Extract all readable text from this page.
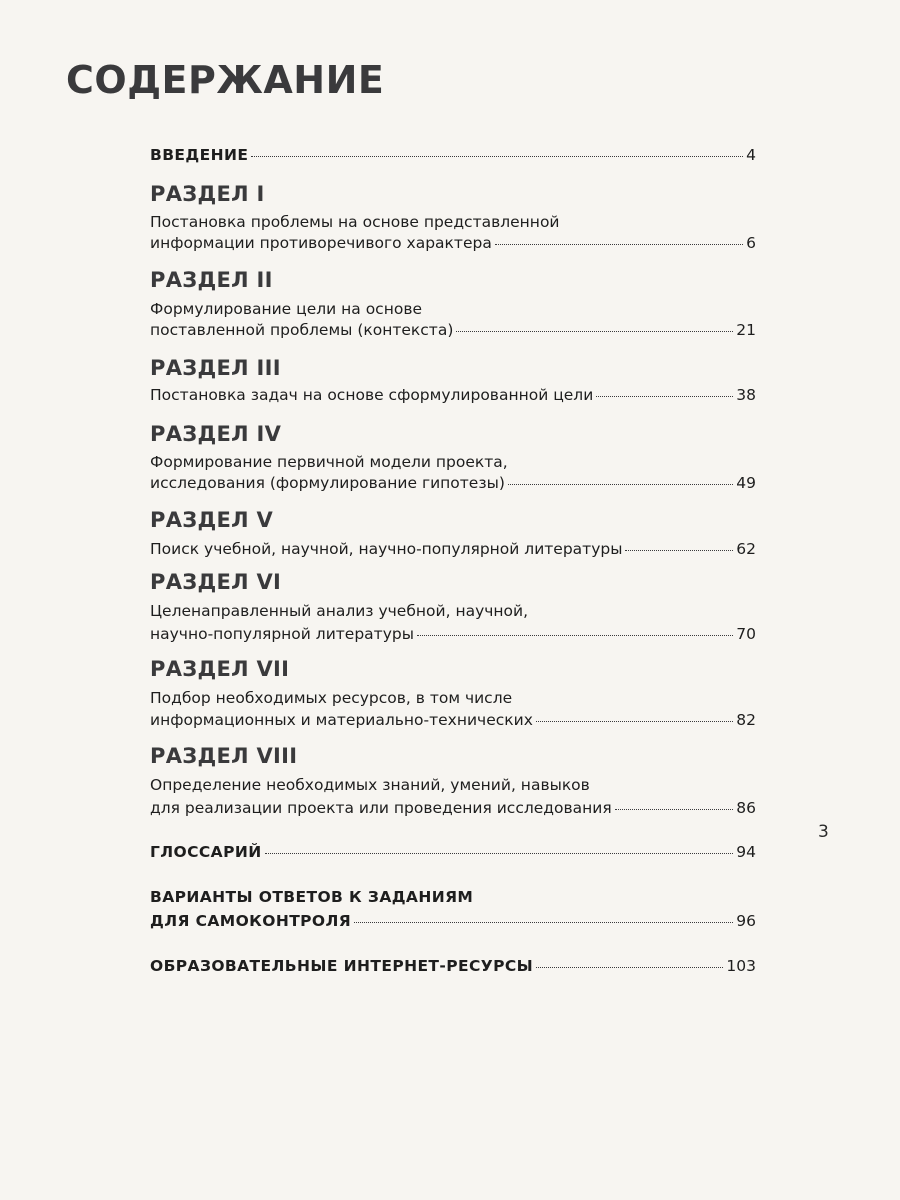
СОДЕРЖАНИЕ
ВВЕДЕНИЕ	4
РАЗДЕЛ I
Постановка проблемы на основе представленной
информации противоречивого характера	6
РАЗДЕЛ II
Формулирование цели на основе
поставленной проблемы (контекста)	21
РАЗДЕЛ III
Постановка задач на основе сформулированной цели	38
РАЗДЕЛ IV
Формирование первичной модели проекта,
исследования (формулирование гипотезы)	49
РАЗДЕЛ V
Поиск учебной, научной, научно-популярной литературы	62
РАЗДЕЛ VI
Целенаправленный анализ учебной, научной,
научно-популярной литературы	70
РАЗДЕЛ VII
Подбор необходимых ресурсов, в том числе
информационных и материально-технических	82
РАЗДЕЛ VIII
Определение необходимых знаний, умений, навыков
для реализации проекта или проведения исследования	86
ГЛОССАРИЙ	94
ВАРИАНТЫ ОТВЕТОВ К ЗАДАНИЯМ
ДЛЯ САМОКОНТРОЛЯ	96
ОБРАЗОВАТЕЛЬНЫЕ ИНТЕРНЕТ-РЕСУРСЫ	103
3
